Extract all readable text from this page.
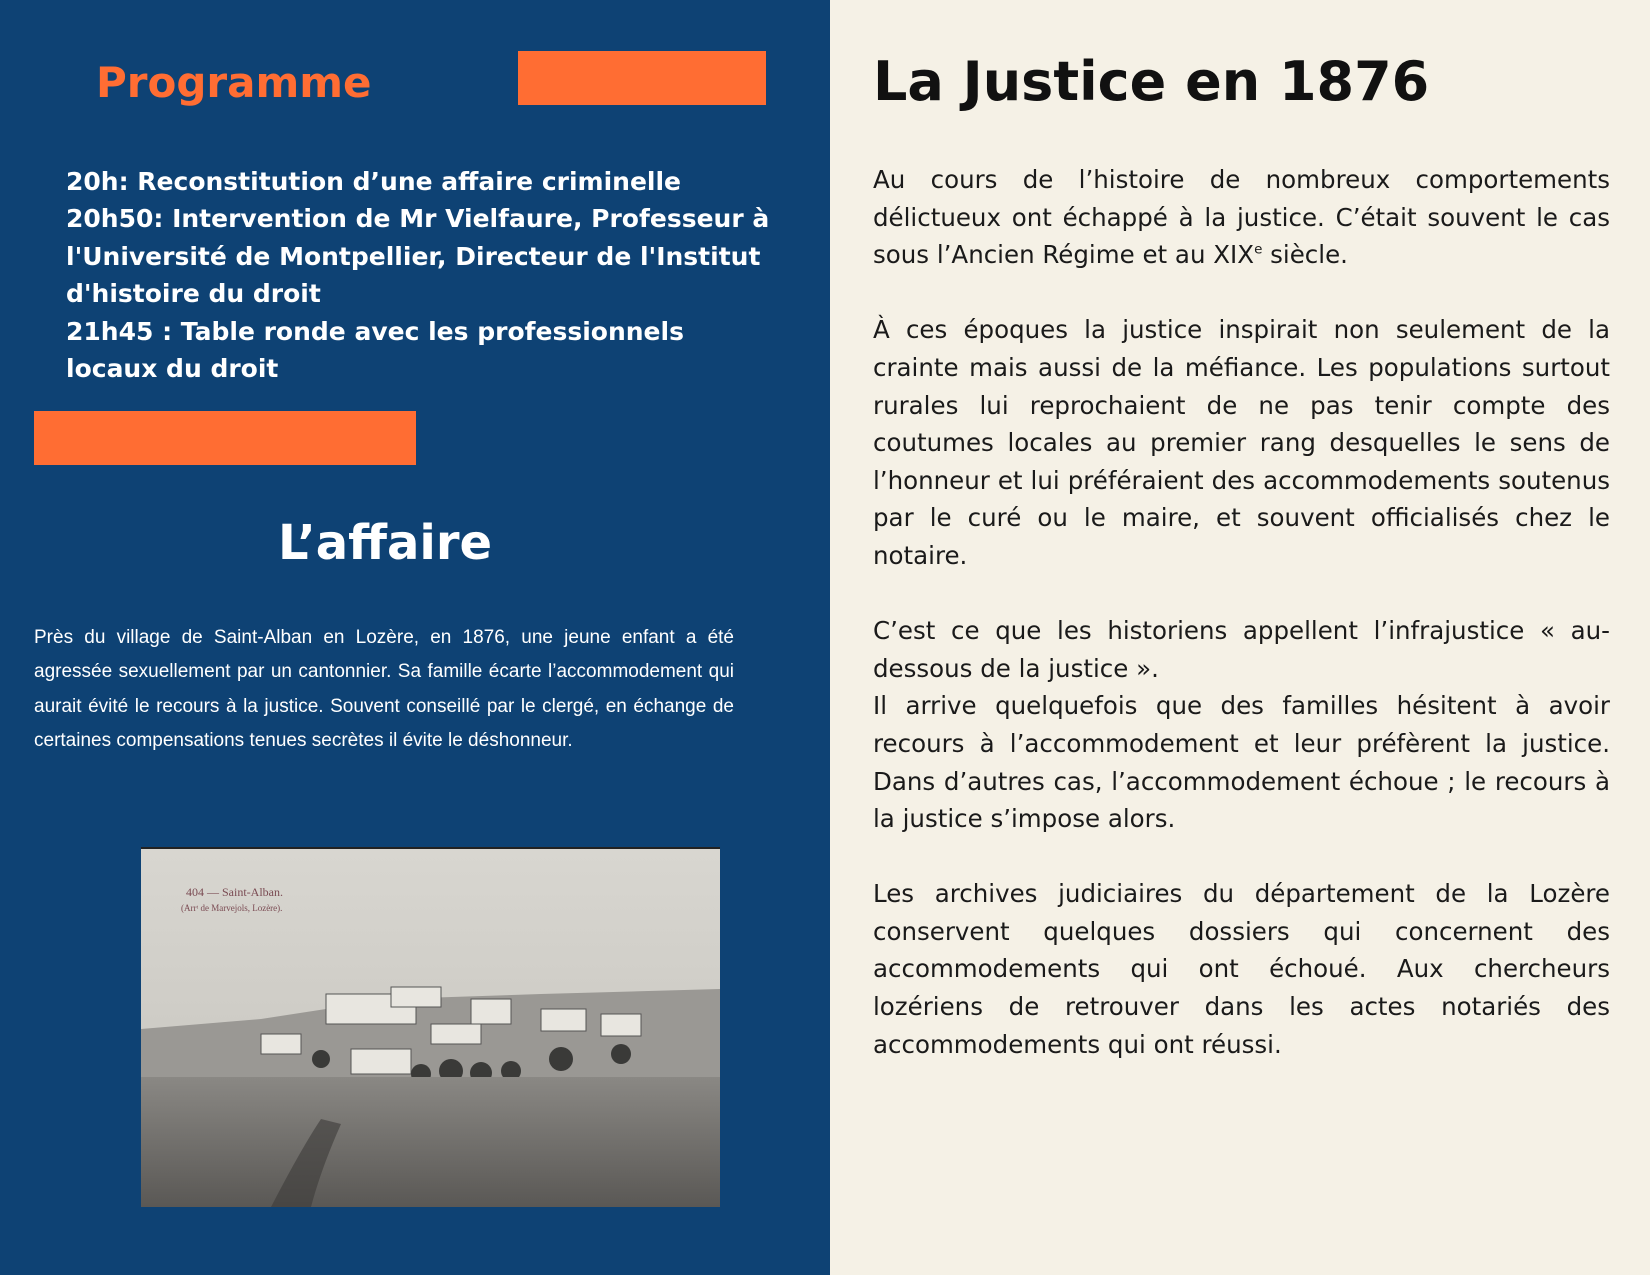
Programme
20h: Reconstitution d’une affaire criminelle
20h50: Intervention de Mr Vielfaure, Professeur à l'Université de Montpellier, Directeur de l'Institut d'histoire du droit
21h45 : Table ronde avec les professionnels locaux du droit
L’affaire
Près du village de Saint-Alban en Lozère, en 1876, une jeune enfant a été agressée sexuellement par un cantonnier. Sa famille écarte l’accommodement qui aurait évité le recours à la justice. Souvent conseillé par le clergé, en échange de certaines compensations tenues secrètes il évite le déshonneur.
404 — Saint-Alban.
(Arrᵗ de Marvejols, Lozère).
La Justice en 1876

Au cours de l’histoire de nombreux comportements délictueux ont échappé à la justice. C’était souvent le cas sous l’Ancien Régime et au XIXe siècle.

À ces époques la justice inspirait non seulement de la crainte mais aussi de la méfiance. Les populations surtout rurales lui reprochaient de ne pas tenir compte des coutumes locales au premier rang desquelles le sens de l’honneur et lui préféraient des accommodements soutenus par le curé ou le maire, et souvent officialisés chez le notaire.

C’est ce que les historiens appellent l’infrajustice « au-dessous de la justice ».

Il arrive quelquefois que des familles hésitent à avoir recours à l’accommodement et leur préfèrent la justice. Dans d’autres cas, l’accommodement échoue ; le recours à la justice s’impose alors.

Les archives judiciaires du département de la Lozère conservent quelques dossiers qui concernent des accommodements qui ont échoué. Aux chercheurs lozériens de retrouver dans les actes notariés des accommodements qui ont réussi.
